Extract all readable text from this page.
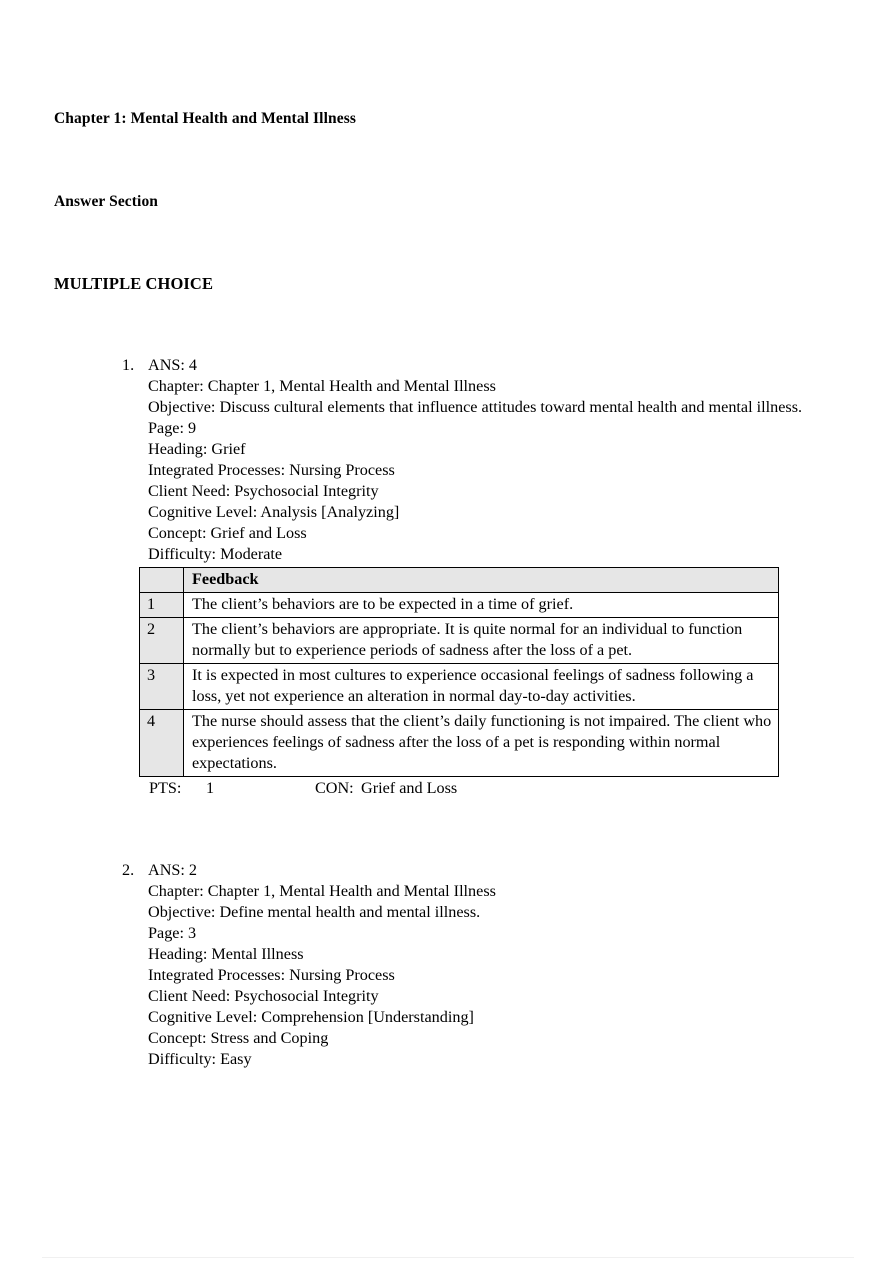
Chapter 1: Mental Health and Mental Illness
Answer Section
MULTIPLE CHOICE
1. ANS: 4
Chapter: Chapter 1, Mental Health and Mental Illness
Objective: Discuss cultural elements that influence attitudes toward mental health and mental illness.
Page: 9
Heading: Grief
Integrated Processes: Nursing Process
Client Need: Psychosocial Integrity
Cognitive Level: Analysis [Analyzing]
Concept: Grief and Loss
Difficulty: Moderate
	Feedback
1	The client’s behaviors are to be expected in a time of grief.
2	The client’s behaviors are appropriate. It is quite normal for an individual to function normally but to experience periods of sadness after the loss of a pet.
3	It is expected in most cultures to experience occasional feelings of sadness following a loss, yet not experience an alteration in normal day-to-day activities.
4	The nurse should assess that the client’s daily functioning is not impaired. The client who experiences feelings of sadness after the loss of a pet is responding within normal expectations.
PTS: 1	CON: Grief and Loss
2. ANS: 2
Chapter: Chapter 1, Mental Health and Mental Illness
Objective: Define mental health and mental illness.
Page: 3
Heading: Mental Illness
Integrated Processes: Nursing Process
Client Need: Psychosocial Integrity
Cognitive Level: Comprehension [Understanding]
Concept: Stress and Coping
Difficulty: Easy
